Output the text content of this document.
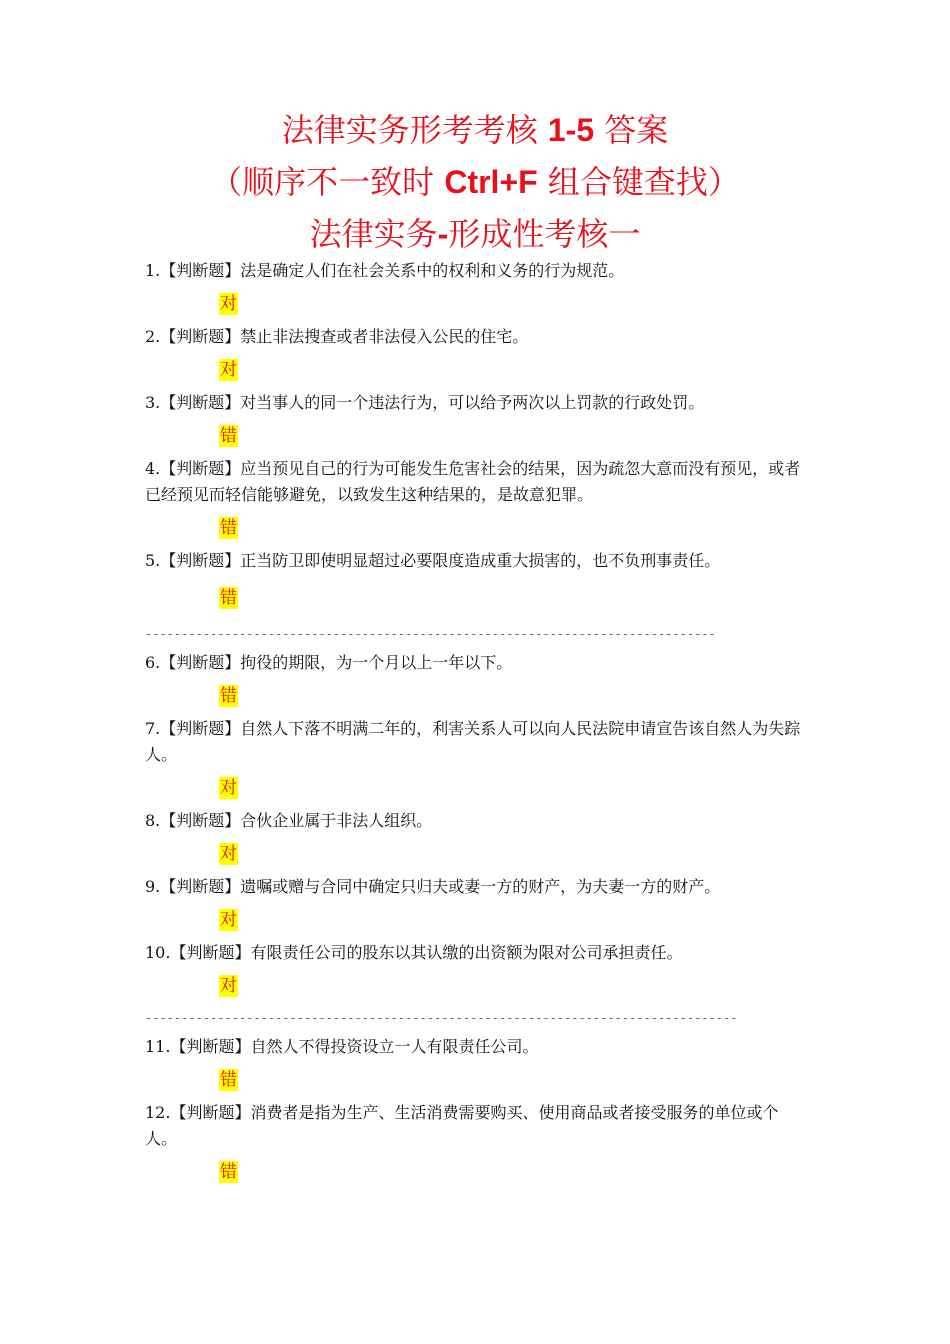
法律实务形考考核 1-5 答案
（顺序不一致时 Ctrl+F 组合键查找）
法律实务-形成性考核一

1.【判断题】法是确定人们在社会关系中的权利和义务的行为规范。

对

2.【判断题】禁止非法搜查或者非法侵入公民的住宅。

对

3.【判断题】对当事人的同一个违法行为，可以给予两次以上罚款的行政处罚。

错

4.【判断题】应当预见自己的行为可能发生危害社会的结果，因为疏忽大意而没有预见，或者已经预见而轻信能够避免，以致发生这种结果的，是故意犯罪。

错

5.【判断题】正当防卫即使明显超过必要限度造成重大损害的，也不负刑事责任。

错
-------------------------------------------------------------------------------

6.【判断题】拘役的期限，为一个月以上一年以下。

错

7.【判断题】自然人下落不明满二年的，利害关系人可以向人民法院申请宣告该自然人为失踪人。

对

8.【判断题】合伙企业属于非法人组织。

对

9.【判断题】遗嘱或赠与合同中确定只归夫或妻一方的财产，为夫妻一方的财产。

对

10.【判断题】有限责任公司的股东以其认缴的出资额为限对公司承担责任。

对
----------------------------------------------------------------------------------

11.【判断题】自然人不得投资设立一人有限责任公司。

错

12.【判断题】消费者是指为生产、生活消费需要购买、使用商品或者接受服务的单位或个人。

错
